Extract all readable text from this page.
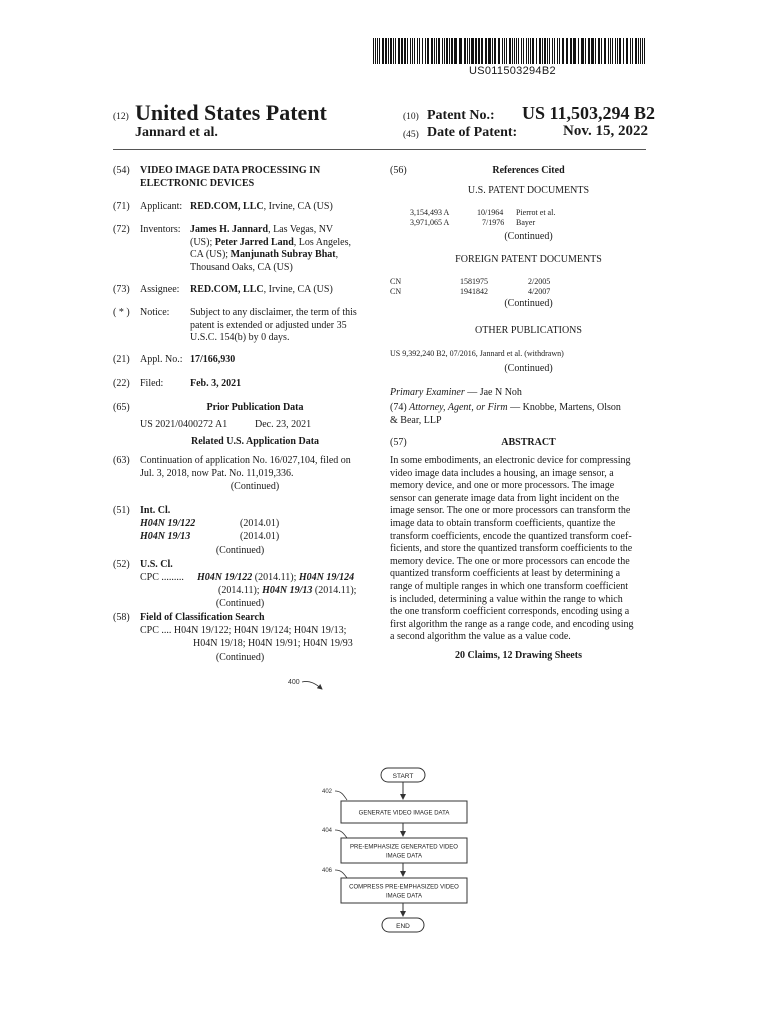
US011503294B2
(12) United States Patent
Jannard et al.
(10) Patent No.: US 11,503,294 B2
(45) Date of Patent:	Nov. 15, 2022
(54) VIDEO IMAGE DATA PROCESSING IN
ELECTRONIC DEVICES
(71) Applicant: RED.COM, LLC, Irvine, CA (US)
(72) Inventors: James H. Jannard, Las Vegas, NV
(US); Peter Jarred Land, Los Angeles,
CA (US); Manjunath Subray Bhat,
Thousand Oaks, CA (US)
(73) Assignee: RED.COM, LLC, Irvine, CA (US)
( * ) Notice: Subject to any disclaimer, the term of this
patent is extended or adjusted under 35
U.S.C. 154(b) by 0 days.
(21) Appl. No.: 17/166,930
(22) Filed:	Feb. 3, 2021
(65)	Prior Publication Data
US 2021/0400272 A1	Dec. 23, 2021
Related U.S. Application Data
(63) Continuation of application No. 16/027,104, filed on
Jul. 3, 2018, now Pat. No. 11,019,336.
(Continued)
(51) Int. Cl.
H04N 19/122	(2014.01)
H04N 19/13	(2014.01)
(Continued)
(52) U.S. Cl.
CPC ......... H04N 19/122 (2014.11); H04N 19/124
(2014.11); H04N 19/13 (2014.11);
(Continued)
(58) Field of Classification Search
CPC .... H04N 19/122; H04N 19/124; H04N 19/13;
H04N 19/18; H04N 19/91; H04N 19/93
(Continued)
(56)	References Cited
U.S. PATENT DOCUMENTS
3,154,493 A	10/1964 Pierrot et al.
3,971,065 A	7/1976 Bayer
(Continued)
FOREIGN PATENT DOCUMENTS
CN	1581975	2/2005
CN	1941842	4/2007
(Continued)
OTHER PUBLICATIONS
US 9,392,240 B2, 07/2016, Jannard et al. (withdrawn)
(Continued)
Primary Examiner — Jae N Noh
(74) Attorney, Agent, or Firm — Knobbe, Martens, Olson
& Bear, LLP
(57)	ABSTRACT
In some embodiments, an electronic device for compressing
video image data includes a housing, an image sensor, a
memory device, and one or more processors. The image
sensor can generate image data from light incident on the
image sensor. The one or more processors can transform the
image data to obtain transform coefficients, quantize the
transform coefficients, encode the quantized transform coef-
ficients, and store the quantized transform coefficients to the
memory device. The one or more processors can encode the
quantized transform coefficients at least by determining a
range of multiple ranges in which one transform coefficient
is included, determining a value within the range to which
the one transform coefficient corresponds, encoding using a
first algorithm the range as a range code, and encoding using
a second algorithm the value as a value code.
20 Claims, 12 Drawing Sheets
400
START
402
GENERATE VIDEO IMAGE DATA
404
PRE-EMPHASIZE GENERATED VIDEO
IMAGE DATA
406
COMPRESS PRE-EMPHASIZED VIDEO
IMAGE DATA
END
